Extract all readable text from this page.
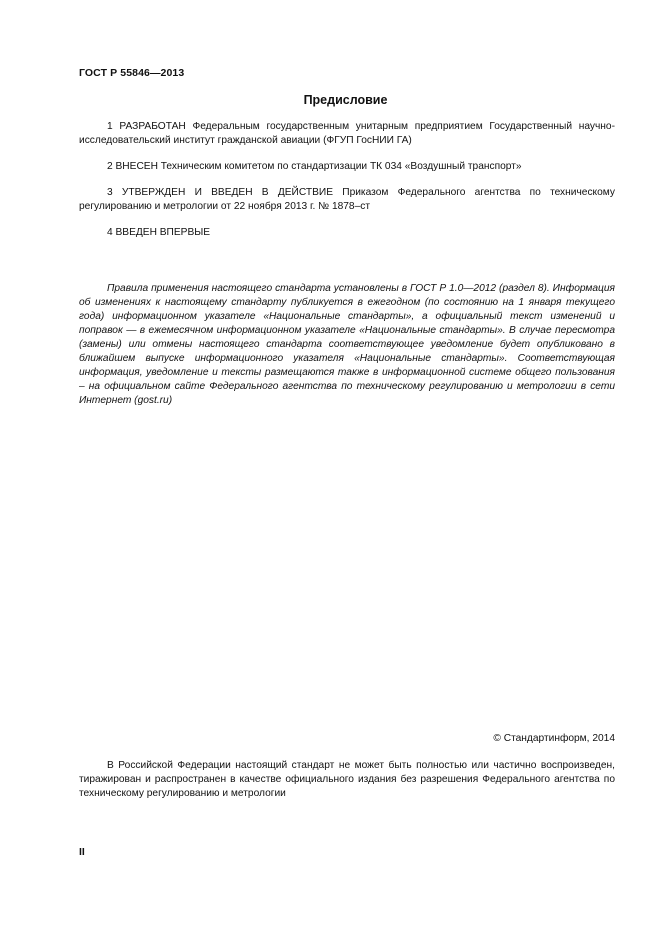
ГОСТ Р 55846—2013
Предисловие

1 РАЗРАБОТАН Федеральным государственным унитарным предприятием Государственный научно-исследовательский институт гражданской авиации (ФГУП ГосНИИ ГА)

2 ВНЕСЕН Техническим комитетом по стандартизации ТК 034 «Воздушный транспорт»

3 УТВЕРЖДЕН И ВВЕДЕН В ДЕЙСТВИЕ Приказом Федерального агентства по техническому регулированию и метрологии от 22 ноября 2013 г. № 1878–ст

4 ВВЕДЕН ВПЕРВЫЕ

Правила применения настоящего стандарта установлены в ГОСТ Р 1.0—2012 (раздел 8). Информация об изменениях к настоящему стандарту публикуется в ежегодном (по состоянию на 1 января текущего года) информационном указателе «Национальные стандарты», а официальный текст изменений и поправок — в ежемесячном информационном указателе «Национальные стандарты». В случае пересмотра (замены) или отмены настоящего стандарта соответствующее уведомление будет опубликовано в ближайшем выпуске информационного указателя «Национальные стандарты». Соответствующая информация, уведомление и тексты размещаются также в информационной системе общего пользования – на официальном сайте Федерального агентства по техническому регулированию и метрологии в сети Интернет (gost.ru)

© Стандартинформ, 2014

В Российской Федерации настоящий стандарт не может быть полностью или частично воспроизведен, тиражирован и распространен в качестве официального издания без разрешения Федерального агентства по техническому регулированию и метрологии

II
